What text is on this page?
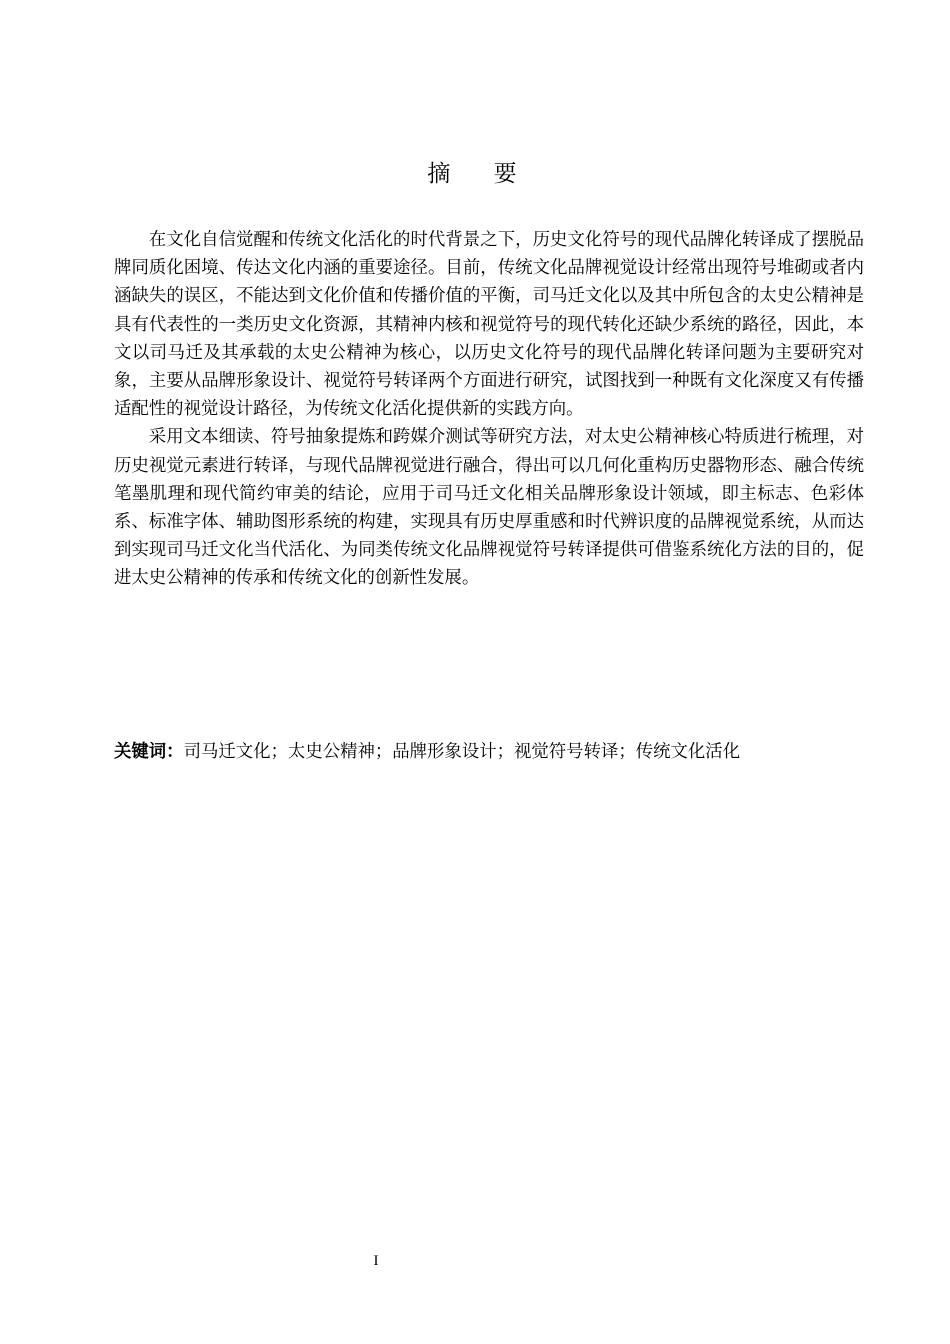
摘 要

在文化自信觉醒和传统文化活化的时代背景之下，历史文化符号的现代品牌化转译成了摆脱品牌同质化困境、传达文化内涵的重要途径。目前，传统文化品牌视觉设计经常出现符号堆砌或者内涵缺失的误区，不能达到文化价值和传播价值的平衡，司马迁文化以及其中所包含的太史公精神是具有代表性的一类历史文化资源，其精神内核和视觉符号的现代转化还缺少系统的路径，因此，本文以司马迁及其承载的太史公精神为核心，以历史文化符号的现代品牌化转译问题为主要研究对象，主要从品牌形象设计、视觉符号转译两个方面进行研究，试图找到一种既有文化深度又有传播适配性的视觉设计路径，为传统文化活化提供新的实践方向。

采用文本细读、符号抽象提炼和跨媒介测试等研究方法，对太史公精神核心特质进行梳理，对历史视觉元素进行转译，与现代品牌视觉进行融合，得出可以几何化重构历史器物形态、融合传统笔墨肌理和现代简约审美的结论，应用于司马迁文化相关品牌形象设计领域，即主标志、色彩体系、标准字体、辅助图形系统的构建，实现具有历史厚重感和时代辨识度的品牌视觉系统，从而达到实现司马迁文化当代活化、为同类传统文化品牌视觉符号转译提供可借鉴系统化方法的目的，促进太史公精神的传承和传统文化的创新性发展。

关键词：司马迁文化；太史公精神；品牌形象设计；视觉符号转译；传统文化活化
I
